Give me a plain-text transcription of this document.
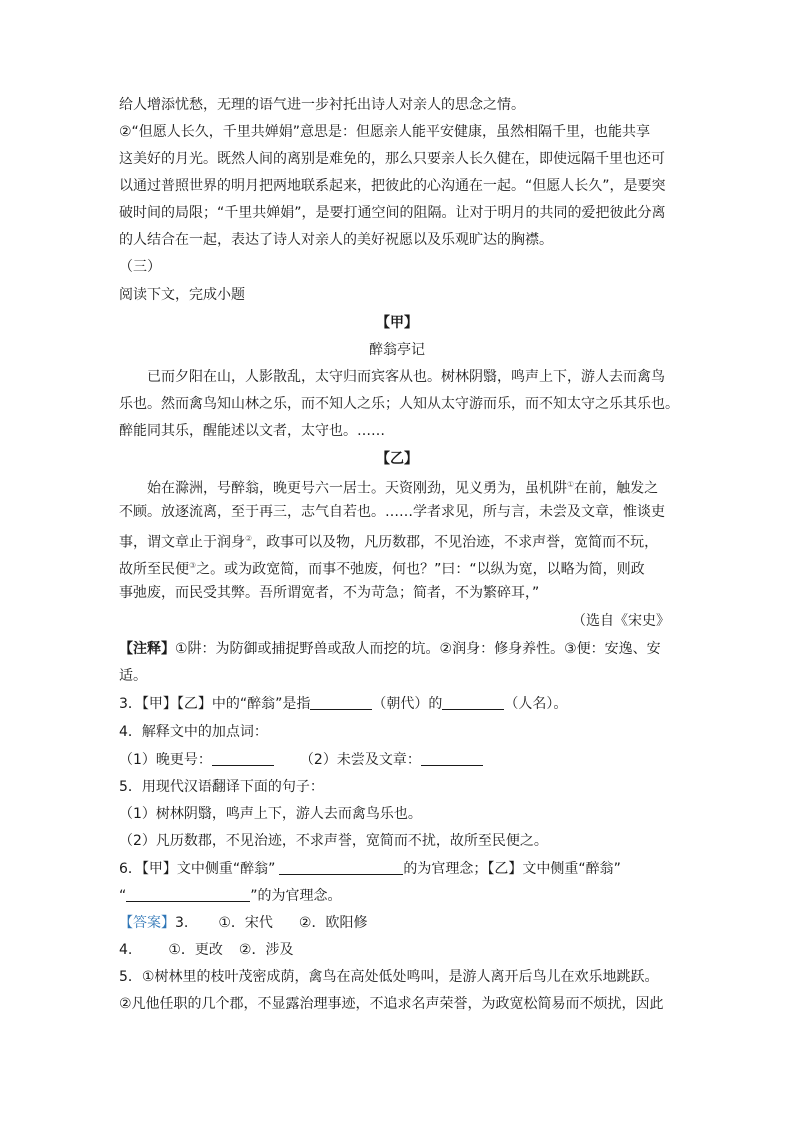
给人增添忧愁，无理的语气进一步衬托出诗人对亲人的思念之情。
②“但愿人长久，千里共婵娟”意思是：但愿亲人能平安健康，虽然相隔千里，也能共享
这美好的月光。既然人间的离别是难免的，那么只要亲人长久健在，即使远隔千里也还可
以通过普照世界的明月把两地联系起来，把彼此的心沟通在一起。“但愿人长久”，是要突
破时间的局限；“千里共婵娟”，是要打通空间的阻隔。让对于明月的共同的爱把彼此分离
的人结合在一起，表达了诗人对亲人的美好祝愿以及乐观旷达的胸襟。
（三）
阅读下文，完成小题
【甲】
醉翁亭记
已而夕阳在山，人影散乱，太守归而宾客从也。树林阴翳，鸣声上下，游人去而禽鸟
乐也。然而禽鸟知山林之乐，而不知人之乐；人知从太守游而乐，而不知太守之乐其乐也。
醉能同其乐，醒能述以文者，太守也。……
【乙】
始在滁洲，号醉翁，晚更号六一居士。天资刚劲，见义勇为，虽机阱①在前，触发之
不顾。放逐流离，至于再三，志气自若也。……学者求见，所与言，未尝及文章，惟谈吏
事，谓文章止于润身②，政事可以及物，凡历数郡，不见治迹，不求声誉，宽简而不玩，
故所至民便③之。或为政宽简，而事不弛废，何也？”曰：“以纵为宽，以略为简，则政
事弛废，而民受其弊。吾所谓宽者，不为苛急；简者，不为繁碎耳，”
（选自《宋史》
【注释】①阱：为防御或捕捉野兽或敌人而挖的坑。②润身：修身养性。③便：安逸、安
适。
3．【甲】【乙】中的“醉翁”是指	（朝代）的	（人名）。
4．解释文中的加点词：
（1）晚更号：	（2）未尝及文章：
5．用现代汉语翻译下面的句子：
（1）树林阴翳，鸣声上下，游人去而禽鸟乐也。
（2）凡历数郡，不见治迹，不求声誉，宽简而不扰，故所至民便之。
6．【甲】文中侧重“醉翁”	的为官理念；【乙】文中侧重“醉翁”
“	”的为官理念。
【答案】3. ①．宋代 ②．欧阳修
4.	①．更改 ②．涉及
5．①树林里的枝叶茂密成荫，禽鸟在高处低处鸣叫，是游人离开后鸟儿在欢乐地跳跃。
②凡他任职的几个郡，不显露治理事迹，不追求名声荣誉，为政宽松简易而不烦扰，因此
